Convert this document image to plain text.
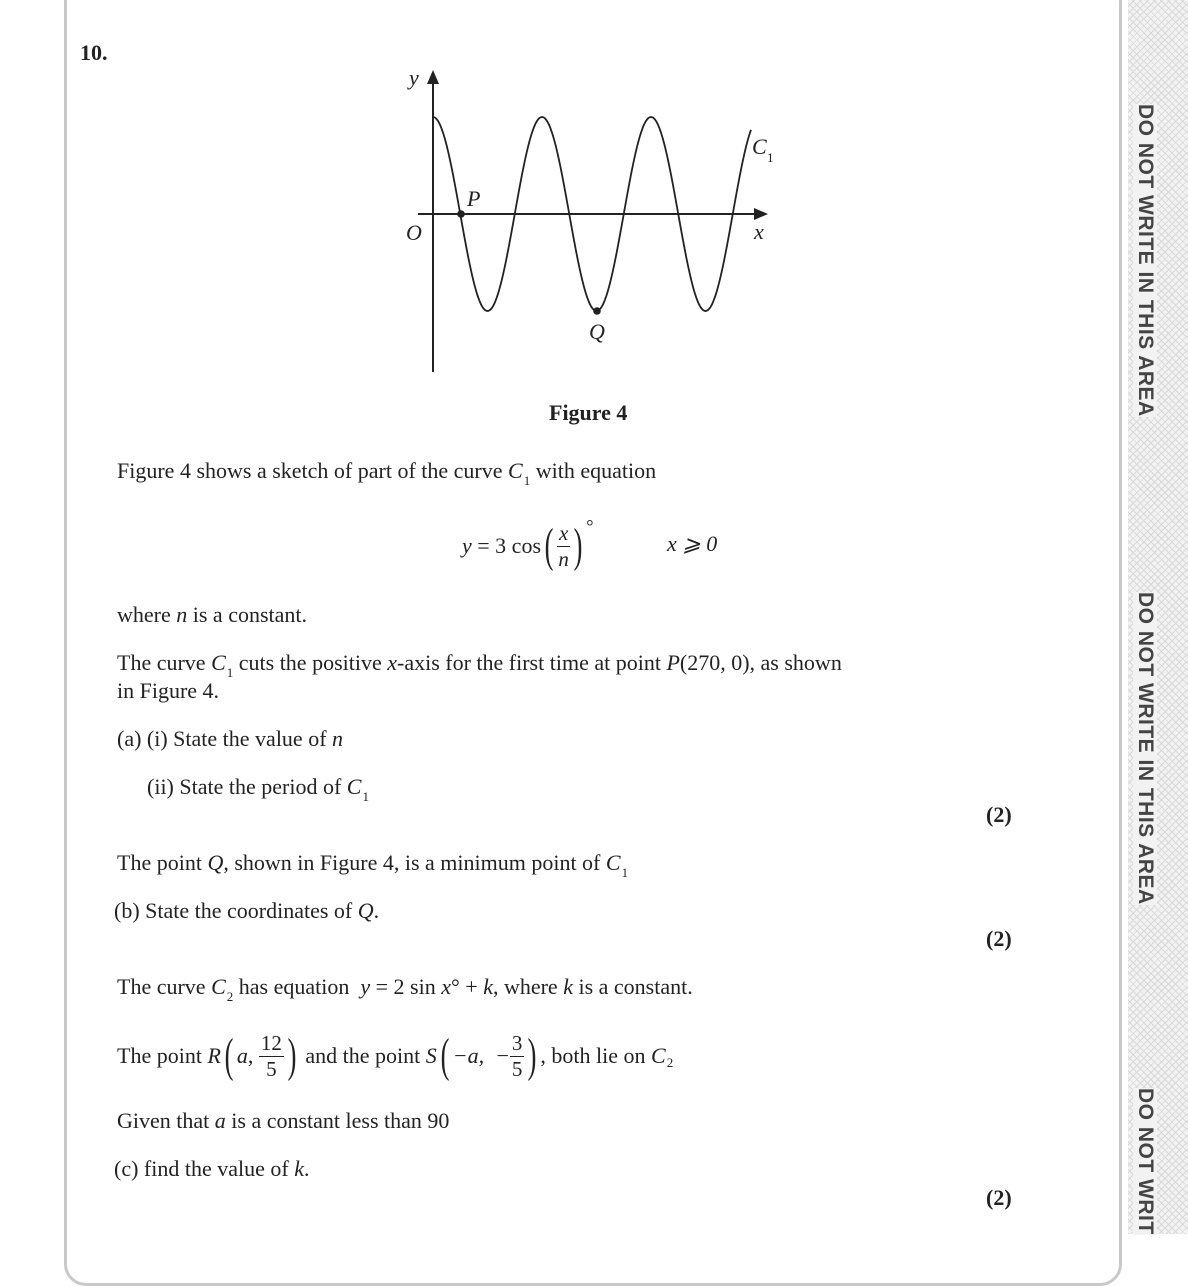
DO NOT WRITE IN THIS AREA
DO NOT WRITE IN THIS AREA
DO NOT WRIT
10.
y
x
O
P
Q
C 1
Figure 4
Figure 4 shows a sketch of part of the curve $C_1$ with equation
y
= 3 cos ( $\frac{x}{n}$ ) °
x ⩾ 0
where n is a constant.
The curve $C_1$ cuts the positive x-axis for the first time at point P(270, 0), as shown
in Figure 4.
(a) (i) State the value of n
(ii) State the period of $C_1$
(2)
The point Q, shown in Figure 4, is a minimum point of $C_1$
(b) State the coordinates of Q.
(2)
The curve $C_2$ has equation  y = 2 sin x° + k, where k is a constant.
The point R ( a , $\frac{12}{5}$ ) and the point S ( −a,  − $\frac{3}{5}$ ) , both lie on C 2
Given that a is a constant less than 90
(c) find the value of k.
(2)
